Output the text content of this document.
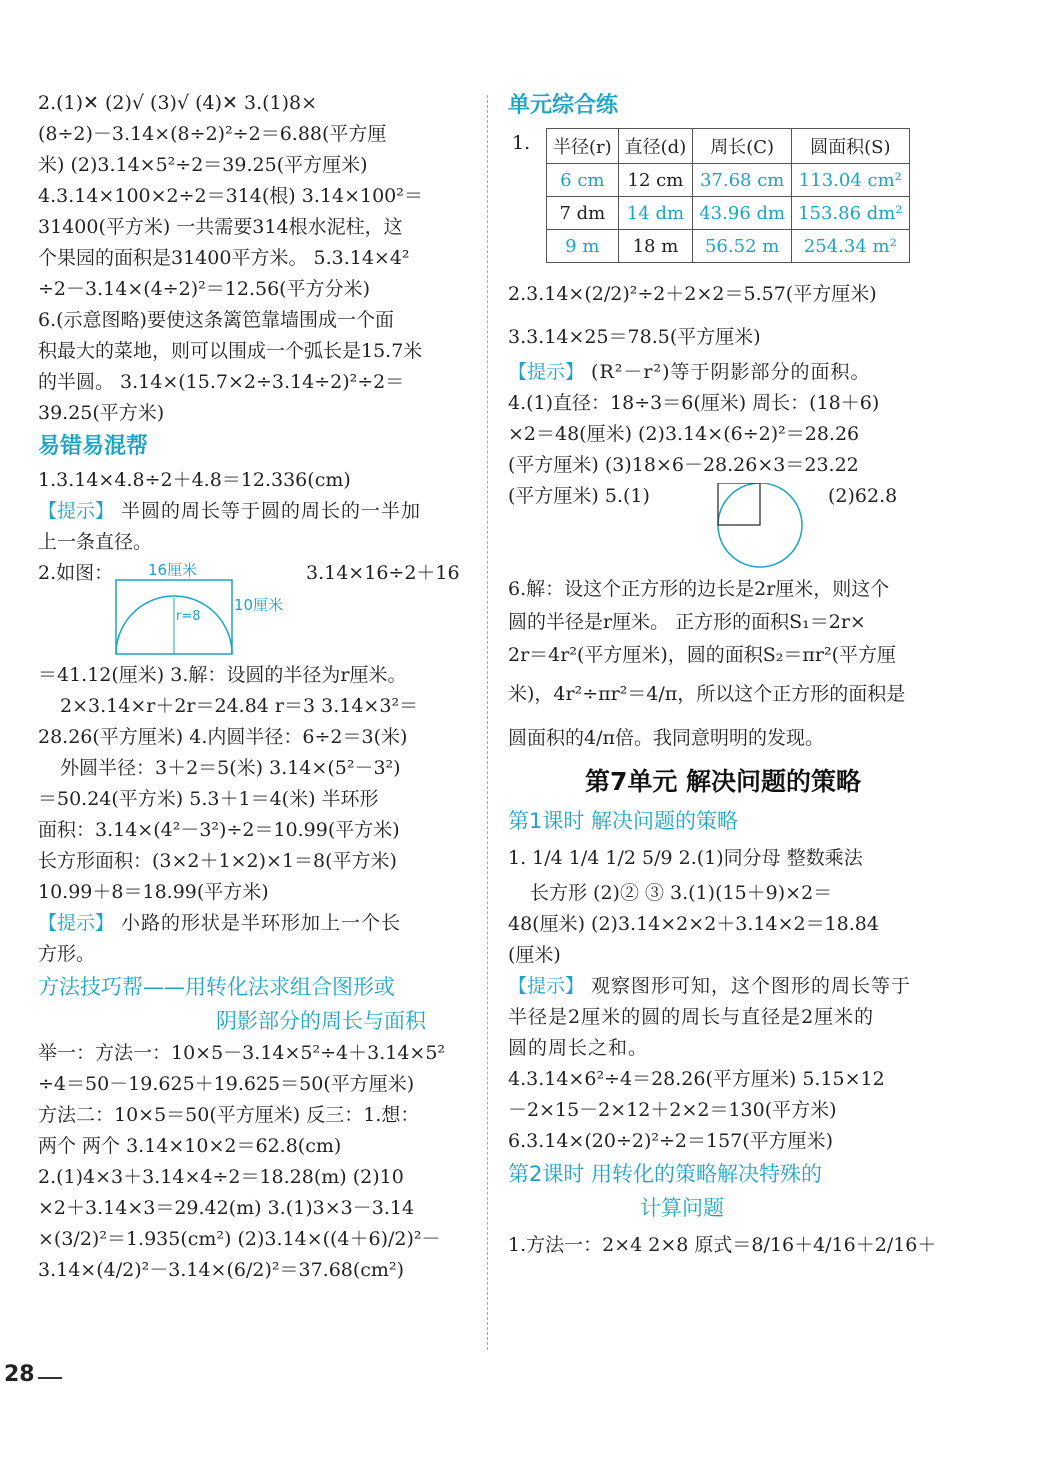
2.(1)✕ (2)√ (3)√ (4)✕ 3.(1)8×
(8÷2)－3.14×(8÷2)²÷2＝6.88(平方厘
米) (2)3.14×5²÷2＝39.25(平方厘米)
4.3.14×100×2÷2＝314(根) 3.14×100²＝
31400(平方米) 一共需要314根水泥柱，这
个果园的面积是31400平方米。 5.3.14×4²
÷2－3.14×(4÷2)²＝12.56(平方分米)
6.(示意图略)要使这条篱笆靠墙围成一个面
积最大的菜地，则可以围成一个弧长是15.7米
的半圆。 3.14×(15.7×2÷3.14÷2)²÷2＝
39.25(平方米)
易错易混帮
1.3.14×4.8÷2＋4.8＝12.336(cm)
【提示】 半圆的周长等于圆的周长的一半加
上一条直径。
2.如图：	3.14×16÷2＋16
16厘米
r=8
10厘米
＝41.12(厘米) 3.解：设圆的半径为r厘米。
2×3.14×r＋2r＝24.84 r＝3 3.14×3²＝
28.26(平方厘米) 4.内圆半径：6÷2＝3(米)
外圆半径：3＋2＝5(米) 3.14×(5²－3²)
＝50.24(平方米) 5.3＋1＝4(米) 半环形
面积：3.14×(4²－3²)÷2＝10.99(平方米)
长方形面积：(3×2＋1×2)×1＝8(平方米)
10.99＋8＝18.99(平方米)
【提示】 小路的形状是半环形加上一个长
方形。
方法技巧帮——用转化法求组合图形或
阴影部分的周长与面积
举一：方法一：10×5－3.14×5²÷4＋3.14×5²
÷4＝50－19.625＋19.625＝50(平方厘米)
方法二：10×5＝50(平方厘米) 反三：1.想：
两个 两个 3.14×10×2＝62.8(cm)
2.(1)4×3＋3.14×4÷2＝18.28(m) (2)10
×2＋3.14×3＝29.42(m) 3.(1)3×3－3.14
×(3/2)²＝1.935(cm²) (2)3.14×((4＋6)/2)²－
3.14×(4/2)²－3.14×(6/2)²＝37.68(cm²)
单元综合练
1. 半径(r)	直径(d)	周长(C)	圆面积(S)
6 cm	12 cm	37.68 cm	113.04 cm²
7 dm	14 dm	43.96 dm	153.86 dm²
9 m	18 m	56.52 m	254.34 m²
2.3.14×(2/2)²÷2＋2×2＝5.57(平方厘米)
3.3.14×25＝78.5(平方厘米)
【提示】 (R²－r²)等于阴影部分的面积。
4.(1)直径：18÷3＝6(厘米) 周长：(18＋6)
×2＝48(厘米) (2)3.14×(6÷2)²＝28.26
(平方厘米) (3)18×6－28.26×3＝23.22
(平方厘米) 5.(1)	(2)62.8
6.解：设这个正方形的边长是2r厘米，则这个
圆的半径是r厘米。 正方形的面积S₁＝2r×
2r＝4r²(平方厘米)，圆的面积S₂＝πr²(平方厘
米)，4r²÷πr²＝4/π，所以这个正方形的面积是
圆面积的4/π倍。我同意明明的发现。
第7单元 解决问题的策略
第1课时 解决问题的策略
1. 1/4 1/4 1/2 5/9 2.(1)同分母 整数乘法
长方形 (2)② ③ 3.(1)(15＋9)×2＝
48(厘米) (2)3.14×2×2＋3.14×2＝18.84
(厘米)
【提示】 观察图形可知，这个图形的周长等于
半径是2厘米的圆的周长与直径是2厘米的
圆的周长之和。
4.3.14×6²÷4＝28.26(平方厘米) 5.15×12
－2×15－2×12＋2×2＝130(平方米)
6.3.14×(20÷2)²÷2＝157(平方厘米)
第2课时 用转化的策略解决特殊的
计算问题
1.方法一：2×4 2×8 原式＝8/16＋4/16＋2/16＋
28
